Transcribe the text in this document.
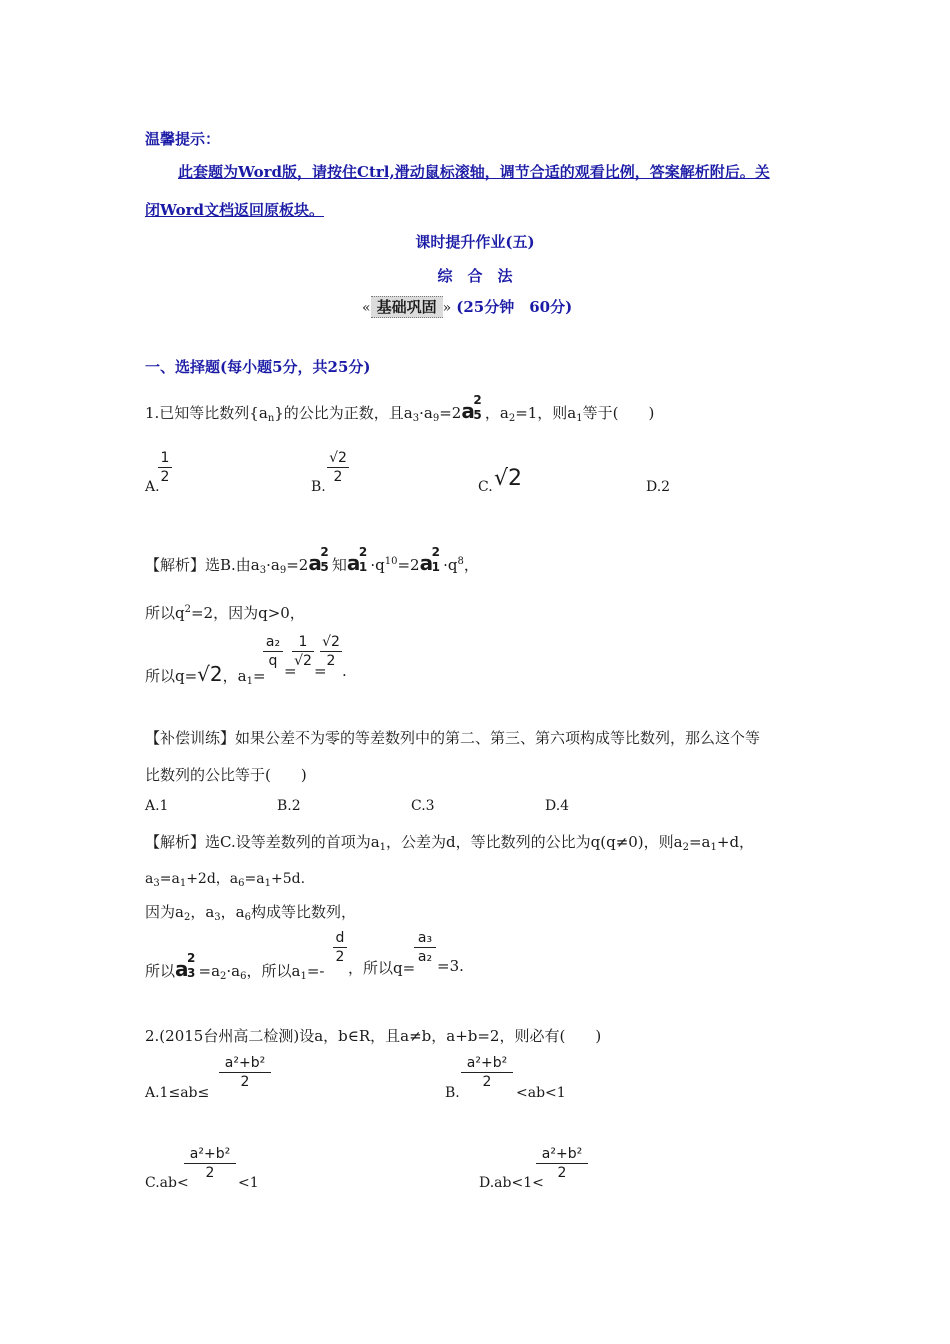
温馨提示：
此套题为Word版，请按住Ctrl,滑动鼠标滚轴，调节合适的观看比例，答案解析附后。关
闭Word文档返回原板块。
课时提升作业(五)
综　合　法
« 基础巩固 » (25分钟　60分)
一、选择题(每小题5分，共25分)
1.已知等比数列$\{a_n\}$的公比为正数，且$a_3\cdot a_9=2a$
2
5 ，$a_2=1$，则$a_1$等于(　　)
A.
1
2
B.
√2
2
C. √2	D.2
【解析】选B.由$a_3\cdot a_9=2a$
2
5 知a
2
$1 \cdot q^{10}=2a$
2
$1 \cdot q^8$，
所以$q^2=2$，因为q>0，
所以q=√2，$a_1=$
a₂
q
=
1
√2
=
√2
2
.
【补偿训练】如果公差不为零的等差数列中的第二、第三、第六项构成等比数列，那么这个等
比数列的公比等于(　　)
A.1	B.2	C.3	D.4
【解析】选C.设等差数列的首项为$a_1$，公差为d，等比数列的公比为q(q≠0)，则$a_2=a_1+d$，
$a_3=a_1+2d$，$a_6=a_1+5d$.
因为$a_2$，$a_3$，$a_6$构成等比数列，
所以a
2
$3 =a_2\cdot a_6$，所以$a_1=-$
d
2
，所以q=
a₃
a₂ =3.
2.(2015台州高二检测)设a，b∈R，且a≠b，a+b=2，则必有(　　)
A.1≤ab≤
a²+b²
2
B.
a²+b²
2
<ab<1
C.ab<
a²+b²
2
<1	D.ab<1<
a²+b²
2
